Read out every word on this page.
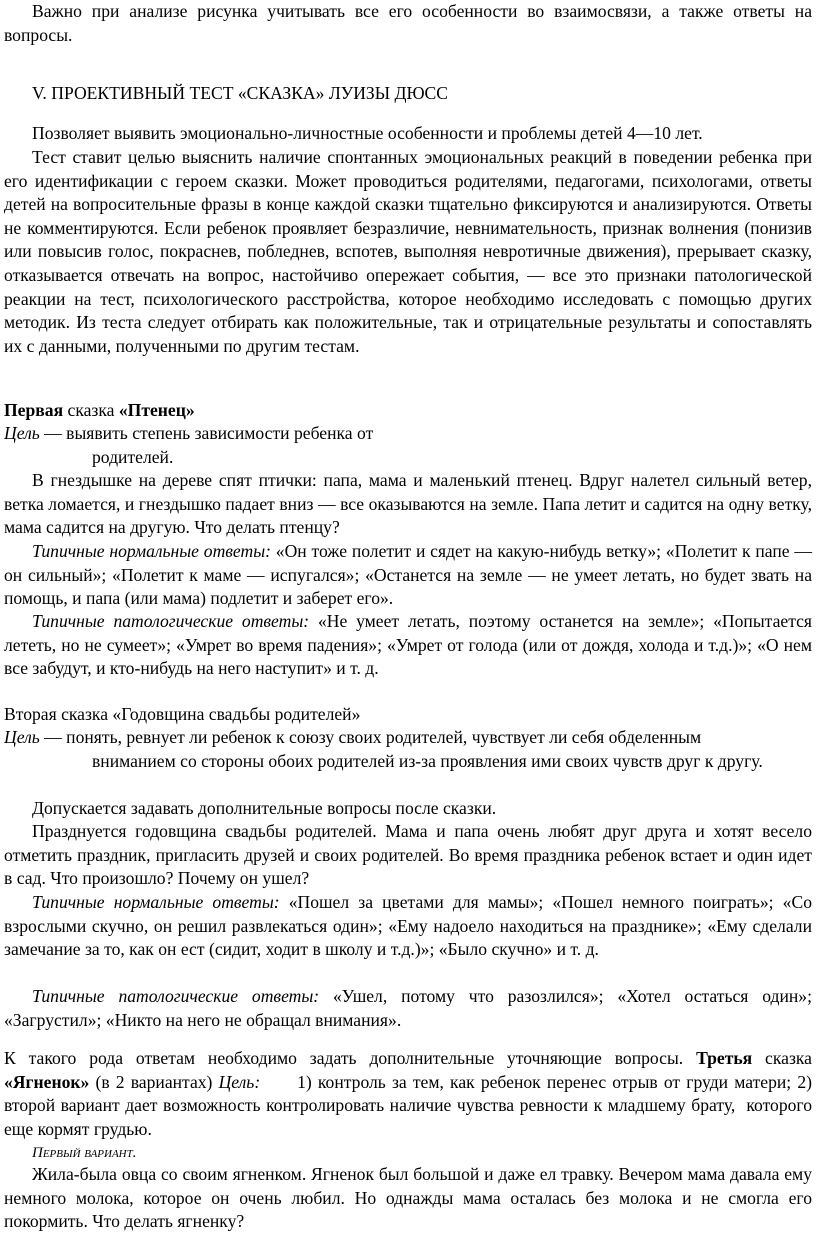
Важно при анализе рисунка учитывать все его особенности во взаимосвязи, а также ответы на вопросы.

V. ПРОЕКТИВНЫЙ ТЕСТ «СКАЗКА» ЛУИЗЫ ДЮСС

Позволяет выявить эмоционально-личностные особенности и проблемы детей 4—10 лет.

Тест ставит целью выяснить наличие спонтанных эмоциональных реакций в поведении ребенка при его идентификации с героем сказки. Может проводиться родителями, педагогами, психологами, ответы детей на вопросительные фразы в конце каждой сказки тщательно фиксируются и анализируются. Ответы не комментируются. Если ребенок проявляет безразличие, невнимательность, признак волнения (понизив или повысив голос, покраснев, побледнев, вспотев, выполняя невротичные движения), прерывает сказку, отказывается отвечать на вопрос, настойчиво опережает события, — все это признаки патологической реакции на тест, психологического расстройства, которое необходимо исследовать с помощью других методик. Из теста следует отбирать как положительные, так и отрицательные результаты и сопоставлять их с данными, полученными по другим тестам.

Первая сказка «Птенец»

Цель — выявить степень зависимости ребенка от

родителей.

В гнездышке на дереве спят птички: папа, мама и маленький птенец. Вдруг налетел сильный ветер, ветка ломается, и гнездышко падает вниз — все оказываются на земле. Папа летит и садится на одну ветку, мама садится на другую. Что делать птенцу?

Типичные нормальные ответы: «Он тоже полетит и сядет на какую-нибудь ветку»; «Полетит к папе — он сильный»; «Полетит к маме — испугался»; «Останется на земле — не умеет летать, но будет звать на помощь, и папа (или мама) подлетит и заберет его».

Типичные патологические ответы: «Не умеет летать, поэтому останется на земле»; «Попытается лететь, но не сумеет»; «Умрет во время падения»; «Умрет от голода (или от дождя, холода и т.д.)»; «О нем все забудут, и кто-нибудь на него наступит» и т. д.

Вторая сказка «Годовщина свадьбы родителей»

Цель — понять, ревнует ли ребенок к союзу своих родителей, чувствует ли себя обделенным

вниманием со стороны обоих родителей из-за проявления ими своих чувств друг к другу.

Допускается задавать дополнительные вопросы после сказки.

Празднуется годовщина свадьбы родителей. Мама и папа очень любят друг друга и хотят весело отметить праздник, пригласить друзей и своих родителей. Во время праздника ребенок встает и один идет в сад. Что произошло? Почему он ушел?

Типичные нормальные ответы: «Пошел за цветами для мамы»; «Пошел немного поиграть»; «Со взрослыми скучно, он решил развлекаться один»; «Ему надоело находиться на празднике»; «Ему сделали замечание за то, как он ест (сидит, ходит в школу и т.д.)»; «Было скучно» и т. д.

Типичные патологические ответы: «Ушел, потому что разозлился»; «Хотел остаться один»; «Загрустил»; «Никто на него не обращал внимания».

К такого рода ответам необходимо задать дополнительные уточняющие вопросы. Третья сказка «Ягненок» (в 2 вариантах) Цель:      1) контроль за тем, как ребенок перенес отрыв от груди матери; 2) второй вариант дает возможность контролировать наличие чувства ревности к младшему брату,  которого еще кормят грудью.

Первый вариант.

Жила-была овца со своим ягненком. Ягненок был большой и даже ел травку. Вечером мама давала ему немного молока, которое он очень любил. Но однажды мама осталась без молока и не смогла его покормить. Что делать ягненку?
